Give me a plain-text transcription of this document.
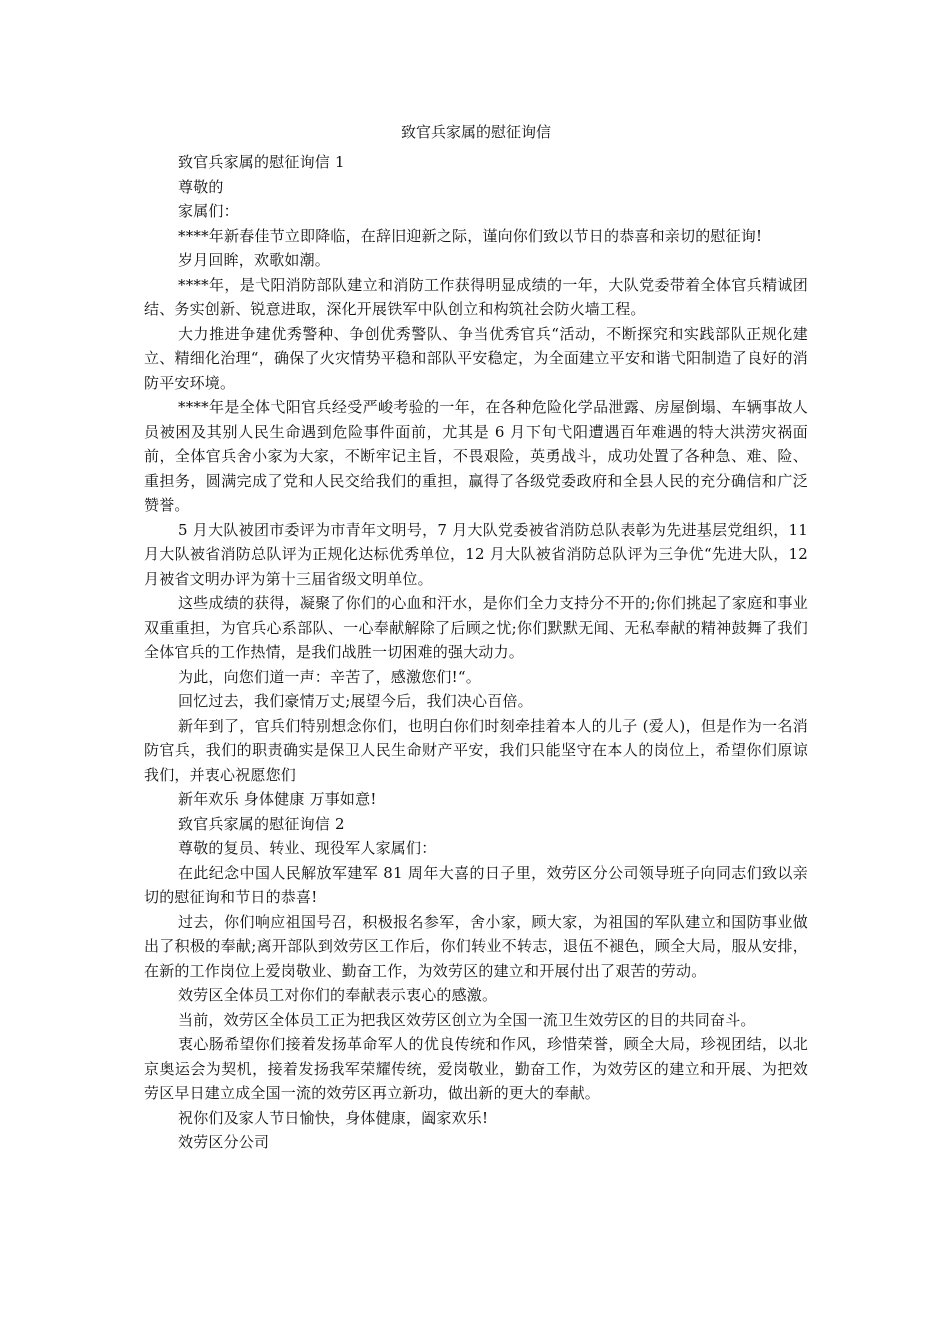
致官兵家属的慰征询信

致官兵家属的慰征询信 1

尊敬的

家属们：

****年新春佳节立即降临，在辞旧迎新之际，谨向你们致以节日的恭喜和亲切的慰征询!

岁月回眸，欢歌如潮。

****年，是弋阳消防部队建立和消防工作获得明显成绩的一年，大队党委带着全体官兵精诚团结、务实创新、锐意进取，深化开展铁军中队创立和构筑社会防火墙工程。

大力推进争建优秀警种、争创优秀警队、争当优秀官兵“活动，不断探究和实践部队正规化建立、精细化治理“，确保了火灾情势平稳和部队平安稳定，为全面建立平安和谐弋阳制造了良好的消防平安环境。

****年是全体弋阳官兵经受严峻考验的一年，在各种危险化学品泄露、房屋倒塌、车辆事故人员被困及其别人民生命遇到危险事件面前，尤其是 6 月下旬弋阳遭遇百年难遇的特大洪涝灾祸面前，全体官兵舍小家为大家，不断牢记主旨，不畏艰险，英勇战斗，成功处置了各种急、难、险、重担务，圆满完成了党和人民交给我们的重担，赢得了各级党委政府和全县人民的充分确信和广泛赞誉。

5 月大队被团市委评为市青年文明号，7 月大队党委被省消防总队表彰为先进基层党组织，11 月大队被省消防总队评为正规化达标优秀单位，12 月大队被省消防总队评为三争优“先进大队，12 月被省文明办评为第十三届省级文明单位。

这些成绩的获得，凝聚了你们的心血和汗水，是你们全力支持分不开的;你们挑起了家庭和事业双重重担，为官兵心系部队、一心奉献解除了后顾之忧;你们默默无闻、无私奉献的精神鼓舞了我们全体官兵的工作热情，是我们战胜一切困难的强大动力。

为此，向您们道一声：辛苦了，感激您们!“。

回忆过去，我们豪情万丈;展望今后，我们决心百倍。

新年到了，官兵们特别想念你们，也明白你们时刻牵挂着本人的儿子 (爱人)，但是作为一名消防官兵，我们的职责确实是保卫人民生命财产平安，我们只能坚守在本人的岗位上，希望你们原谅我们，并衷心祝愿您们

新年欢乐 身体健康 万事如意!

致官兵家属的慰征询信 2

尊敬的复员、转业、现役军人家属们：

在此纪念中国人民解放军建军 81 周年大喜的日子里，效劳区分公司领导班子向同志们致以亲切的慰征询和节日的恭喜!

过去，你们响应祖国号召，积极报名参军，舍小家，顾大家，为祖国的军队建立和国防事业做出了积极的奉献;离开部队到效劳区工作后，你们转业不转志，退伍不褪色，顾全大局，服从安排，在新的工作岗位上爱岗敬业、勤奋工作，为效劳区的建立和开展付出了艰苦的劳动。

效劳区全体员工对你们的奉献表示衷心的感激。

当前，效劳区全体员工正为把我区效劳区创立为全国一流卫生效劳区的目的共同奋斗。

衷心肠希望你们接着发扬革命军人的优良传统和作风，珍惜荣誉，顾全大局，珍视团结，以北京奥运会为契机，接着发扬我军荣耀传统，爱岗敬业，勤奋工作，为效劳区的建立和开展、为把效劳区早日建立成全国一流的效劳区再立新功，做出新的更大的奉献。

祝你们及家人节日愉快，身体健康，阖家欢乐!

效劳区分公司
